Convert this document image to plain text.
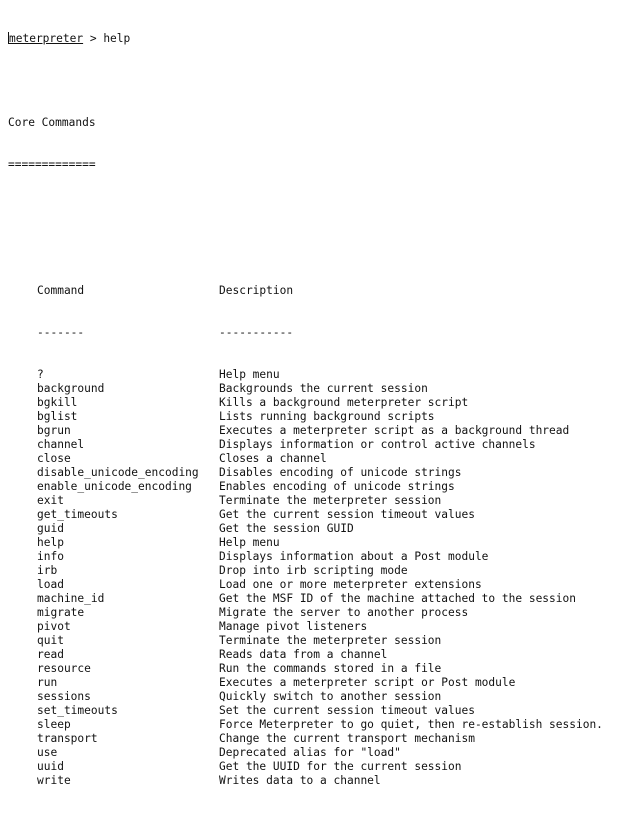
meterpreter > help

Core Commands

=============

Command	Description

-------	-----------

?	Help menu
background	Backgrounds the current session
bgkill	Kills a background meterpreter script
bglist	Lists running background scripts
bgrun	Executes a meterpreter script as a background thread
channel	Displays information or control active channels
close	Closes a channel
disable_unicode_encoding	Disables encoding of unicode strings
enable_unicode_encoding	Enables encoding of unicode strings
exit	Terminate the meterpreter session
get_timeouts	Get the current session timeout values
guid	Get the session GUID
help	Help menu
info	Displays information about a Post module
irb	Drop into irb scripting mode
load	Load one or more meterpreter extensions
machine_id	Get the MSF ID of the machine attached to the session
migrate	Migrate the server to another process
pivot	Manage pivot listeners
quit	Terminate the meterpreter session
read	Reads data from a channel
resource	Run the commands stored in a file
run	Executes a meterpreter script or Post module
sessions	Quickly switch to another session
set_timeouts	Set the current session timeout values
sleep	Force Meterpreter to go quiet, then re-establish session.
transport	Change the current transport mechanism
use	Deprecated alias for "load"
uuid	Get the UUID for the current session
write	Writes data to a channel
